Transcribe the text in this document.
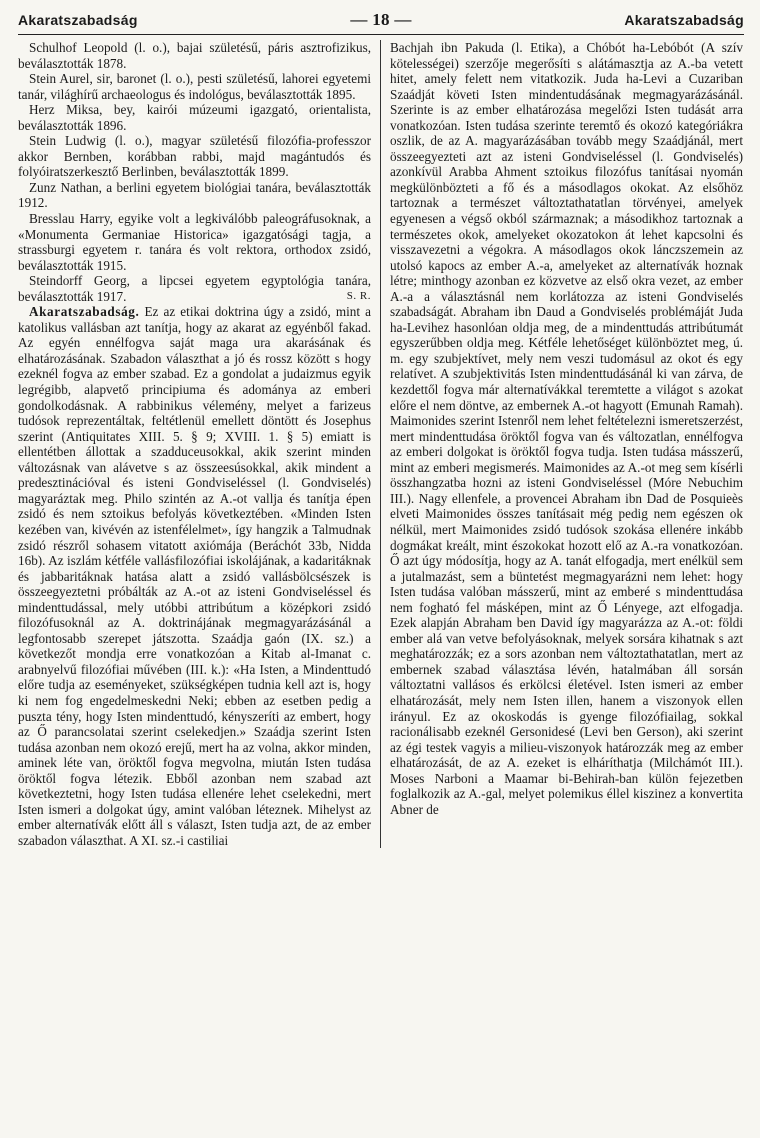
Akaratszabadság	— 18 —	Akaratszabadság

Schulhof Leopold (l. o.), bajai születésű, páris asztrofizikus, beválasztották 1878.

Stein Aurel, sir, baronet (l. o.), pesti születésű, lahorei egyetemi tanár, világhírű archaeologus és indológus, beválasztották 1895.

Herz Miksa, bey, kairói múzeumi igazgató, orientalista, beválasztották 1896.

Stein Ludwig (l. o.), magyar születésű filozófia-professzor akkor Bernben, korábban rabbi, majd magántudós és folyóiratszerkesztő Berlinben, beválasztották 1899.

Zunz Nathan, a berlini egyetem biológiai tanára, beválasztották 1912.

Bresslau Harry, egyike volt a legkiválóbb paleográfusoknak, a «Monumenta Germaniae Historica» igazgatósági tagja, a strassburgi egyetem r. tanára és volt rektora, orthodox zsidó, beválasztották 1915.

Steindorff Georg, a lipcsei egyetem egyptológia tanára, beválasztották 1917.	S. R.

Akaratszabadság. Ez az etikai doktrina úgy a zsidó, mint a katolikus vallásban azt tanítja, hogy az akarat az egyénből fakad. Az egyén ennélfogva saját maga ura akarásának és elhatározásának. Szabadon választhat a jó és rossz között s hogy ezeknél fogva az ember szabad. Ez a gondolat a judaizmus egyik legrégibb, alapvető principiuma és adománya az emberi gondolkodásnak. A rabbinikus vélemény, melyet a farizeus tudósok reprezentáltak, feltétlenül emellett döntött és Josephus szerint (Antiquitates XIII. 5. § 9; XVIII. 1. § 5) emiatt is ellentétben állottak a szadduceusokkal, akik szerint minden változásnak van alávetve s az összeesúsokkal, akik mindent a predesztinációval és isteni Gondviseléssel (l. Gondviselés) magyaráztak meg. Philo szintén az A.-ot vallja és tanítja épen zsidó és nem sztoikus befolyás következtében. «Minden Isten kezében van, kivévén az istenfélelmet», így hangzik a Talmudnak zsidó részről sohasem vitatott axiómája (Beráchót 33b, Nidda 16b). Az iszlám kétféle vallásfilozófiai iskolájának, a kadaritáknak és jabbaritáknak hatása alatt a zsidó vallásbölcsészek is összeegyeztetni próbálták az A.-ot az isteni Gondviseléssel és mindenttudással, mely utóbbi attribútum a középkori zsidó filozófusoknál az A. doktrinájának megmagyarázásánál a legfontosabb szerepet játszotta. Szaádja gaón (IX. sz.) a következőt mondja erre vonatkozóan a Kitab al-Imanat c. arabnyelvű filozófiai művében (III. k.): «Ha Isten, a Mindenttudó előre tudja az eseményeket, szükségképen tudnia kell azt is, hogy ki nem fog engedelmeskedni Neki; ebben az esetben pedig a puszta tény, hogy Isten mindenttudó, kényszeríti az embert, hogy az Ő parancsolatai szerint cselekedjen.» Szaádja szerint Isten tudása azonban nem okozó erejű, mert ha az volna, akkor minden, aminek léte van, öröktől fogva megvolna, miután Isten tudása öröktől fogva létezik. Ebből azonban nem szabad azt következtetni, hogy Isten tudása ellenére lehet cselekedni, mert Isten ismeri a dolgokat úgy, amint valóban léteznek. Mihelyst az ember alternatívák előtt áll s választ, Isten tudja azt, de az ember szabadon választhat. A XI. sz.-i castiliai

Bachjah ibn Pakuda (l. Etika), a Chóbót ha-Lebóbót (A szív kötelességei) szerzője megerősíti s alátámasztja az A.-ba vetett hitet, amely felett nem vitatkozik. Juda ha-Levi a Cuzariban Szaádját követi Isten mindentudásának megmagyarázásánál. Szerinte is az ember elhatározása megelőzi Isten tudását arra vonatkozóan. Isten tudása szerinte teremtő és okozó kategóriákra oszlik, de az A. magyarázásában tovább megy Szaádjánál, mert összeegyezteti azt az isteni Gondviseléssel (l. Gondviselés) azonkívül Arabba Ahment sztoikus filozófus tanításai nyomán megkülönbözteti a fő és a másodlagos okokat. Az elsőhöz tartoznak a természet változtathatatlan törvényei, amelyek egyenesen a végső okból származnak; a másodikhoz tartoznak a természetes okok, amelyeket okozatokon át lehet kapcsolni és visszavezetni a végokra. A másodlagos okok lánczszemein az utolsó kapocs az ember A.-a, amelyeket az alternatívák hoznak létre; minthogy azonban ez közvetve az első okra vezet, az ember A.-a a választásnál nem korlátozza az isteni Gondviselés szabadságát. Abraham ibn Daud a Gondviselés problémáját Juda ha-Levihez hasonlóan oldja meg, de a mindenttudás attribútumát egyszerűbben oldja meg. Kétféle lehetőséget különböztet meg, ú. m. egy szubjektívet, mely nem veszi tudomásul az okot és egy relatívet. A szubjektivitás Isten mindenttudásánál ki van zárva, de kezdettől fogva már alternatívákkal teremtette a világot s azokat előre el nem döntve, az embernek A.-ot hagyott (Emunah Ramah). Maimonides szerint Istenről nem lehet feltételezni ismeretszerzést, mert mindenttudása öröktől fogva van és változatlan, ennélfogva az emberi dolgokat is öröktől fogva tudja. Isten tudása másszerű, mint az emberi megismerés. Maimonides az A.-ot meg sem kísérli összhangzatba hozni az isteni Gondviseléssel (Móre Nebuchim III.). Nagy ellenfele, a provencei Abraham ibn Dad de Posquieès elveti Maimonides összes tanításait még pedig nem egészen ok nélkül, mert Maimonides zsidó tudósok szokása ellenére inkább dogmákat kreált, mint észokokat hozott elő az A.-ra vonatkozóan. Ő azt úgy módosítja, hogy az A. tanát elfogadja, mert enélkül sem a jutalmazást, sem a büntetést megmagyarázni nem lehet: hogy Isten tudása valóban másszerű, mint az emberé s mindenttudása nem fogható fel másképen, mint az Ő Lényege, azt elfogadja. Ezek alapján Abraham ben David így magyarázza az A.-ot: földi ember alá van vetve befolyásoknak, melyek sorsára kihatnak s azt meghatározzák; ez a sors azonban nem változtathatatlan, mert az embernek szabad választása lévén, hatalmában áll sorsán változtatni vallásos és erkölcsi életével. Isten ismeri az ember elhatározását, mely nem Isten illen, hanem a viszonyok ellen irányul. Ez az okoskodás is gyenge filozófiailag, sokkal racionálisabb ezeknél Gersonidesé (Levi ben Gerson), aki szerint az égi testek vagyis a milieu-viszonyok határozzák meg az ember elhatározását, de az A. ezeket is elháríthatja (Milchámót III.). Moses Narboni a Maamar bi-Behirah-ban külön fejezetben foglalkozik az A.-gal, melyet polemikus éllel kiszinez a konvertita Abner de
